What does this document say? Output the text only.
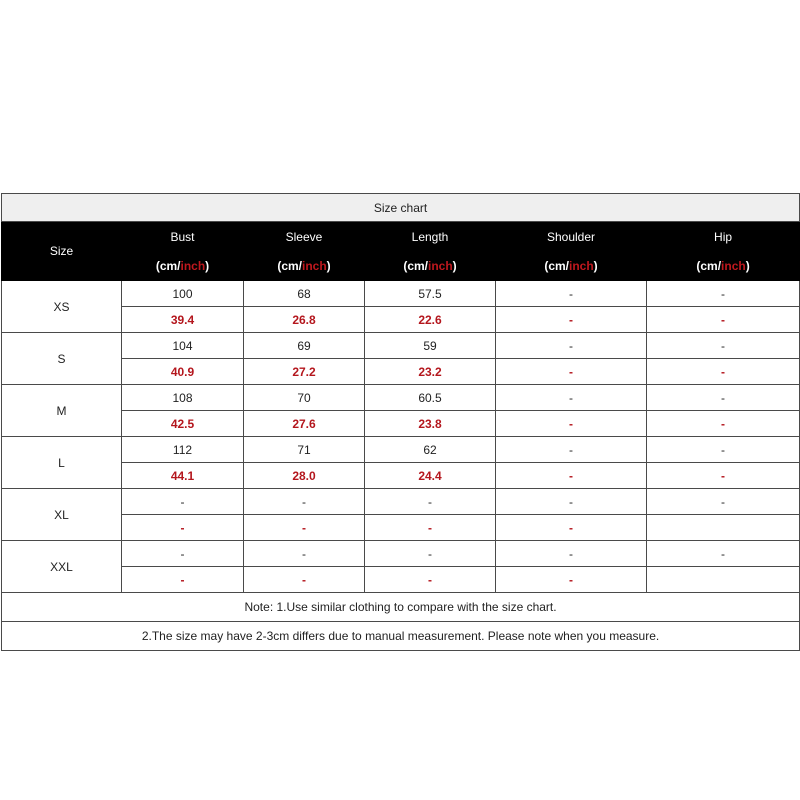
Size chart					
Size	Bust	Sleeve	Length	Shoulder	Hip
	(cm/inch)	(cm/inch)	(cm/inch)	(cm/inch)	(cm/inch)
XS	100	68	57.5	-	-
	39.4	26.8	22.6	-	-
S	104	69	59	-	-
	40.9	27.2	23.2	-	-
M	108	70	60.5	-	-
	42.5	27.6	23.8	-	-
L	112	71	62	-	-
	44.1	28.0	24.4	-	-
XL	-	-	-	-	-
	-	-	-	-	
XXL	-	-	-	-	-
	-	-	-	-	
Note: 1.Use similar clothing to compare with the size chart.					
2.The size may have 2-3cm differs due to manual measurement. Please note when you measure.					
